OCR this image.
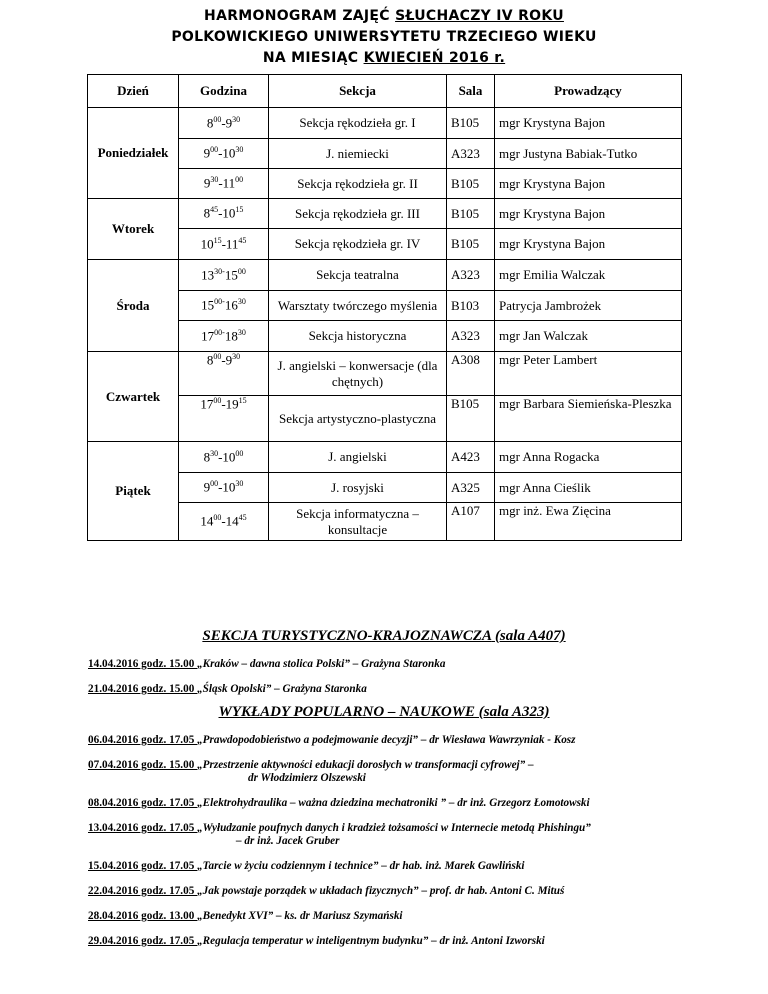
HARMONOGRAM ZAJĘĆ SŁUCHACZY IV ROKU
POLKOWICKIEGO UNIWERSYTETU TRZECIEGO WIEKU
NA MIESIĄC KWIECIEŃ 2016 r.
Dzień	Godzina	Sekcja	Sala	Prowadzący
Poniedziałek	$8^{00}-9^{30}$	Sekcja rękodzieła gr. I	B105	mgr Krystyna Bajon
	$9^{00}-10^{30}$	J. niemiecki	A323	mgr Justyna Babiak-Tutko
	$9^{30}-11^{00}$	Sekcja rękodzieła gr. II	B105	mgr Krystyna Bajon
Wtorek	$8^{45}-10^{15}$	Sekcja rękodzieła gr. III	B105	mgr Krystyna Bajon
	$10^{15}-11^{45}$	Sekcja rękodzieła gr. IV	B105	mgr Krystyna Bajon
Środa	$13^{30-}15^{00}$	Sekcja teatralna	A323	mgr Emilia Walczak
	$15^{00-}16^{30}$	Warsztaty twórczego myślenia	B103	Patrycja Jambrożek
	$17^{00-}18^{30}$	Sekcja historyczna	A323	mgr Jan Walczak
Czwartek	$8^{00}-9^{30}$	J. angielski – konwersacje (dla chętnych)	A308	mgr Peter Lambert
	$17^{00}-19^{15}$	Sekcja artystyczno-plastyczna	B105	mgr Barbara Siemieńska-Pleszka
Piątek	$8^{30}-10^{00}$	J. angielski	A423	mgr Anna Rogacka
	$9^{00}-10^{30}$	J. rosyjski	A325	mgr Anna Cieślik
	$14^{00}-14^{45}$	Sekcja informatyczna – konsultacje	A107	mgr inż. Ewa Zięcina
SEKCJA TURYSTYCZNO-KRAJOZNAWCZA (sala A407)
14.04.2016 godz. 15.00 „Kraków – dawna stolica Polski” – Grażyna Staronka
21.04.2016 godz. 15.00 „Śląsk Opolski” – Grażyna Staronka
WYKŁADY POPULARNO – NAUKOWE (sala A323)
06.04.2016 godz. 17.05 „Prawdopodobieństwo a podejmowanie decyzji” – dr Wiesława Wawrzyniak - Kosz
07.04.2016 godz. 15.00 „Przestrzenie aktywności edukacji dorosłych w transformacji cyfrowej” –
dr Włodzimierz Olszewski
08.04.2016 godz. 17.05 „Elektrohydraulika – ważna dziedzina mechatroniki ” – dr inż. Grzegorz Łomotowski
13.04.2016 godz. 17.05 „Wyłudzanie poufnych danych i kradzież tożsamości w Internecie metodą Phishingu”
– dr inż. Jacek Gruber
15.04.2016 godz. 17.05 „Tarcie w życiu codziennym i technice” – dr hab. inż. Marek Gawliński
22.04.2016 godz. 17.05 „Jak powstaje porządek w układach fizycznych” – prof. dr hab. Antoni C. Mituś
28.04.2016 godz. 13.00 „Benedykt XVI” – ks. dr Mariusz Szymański
29.04.2016 godz. 17.05 „Regulacja temperatur w inteligentnym budynku” – dr inż. Antoni Izworski
